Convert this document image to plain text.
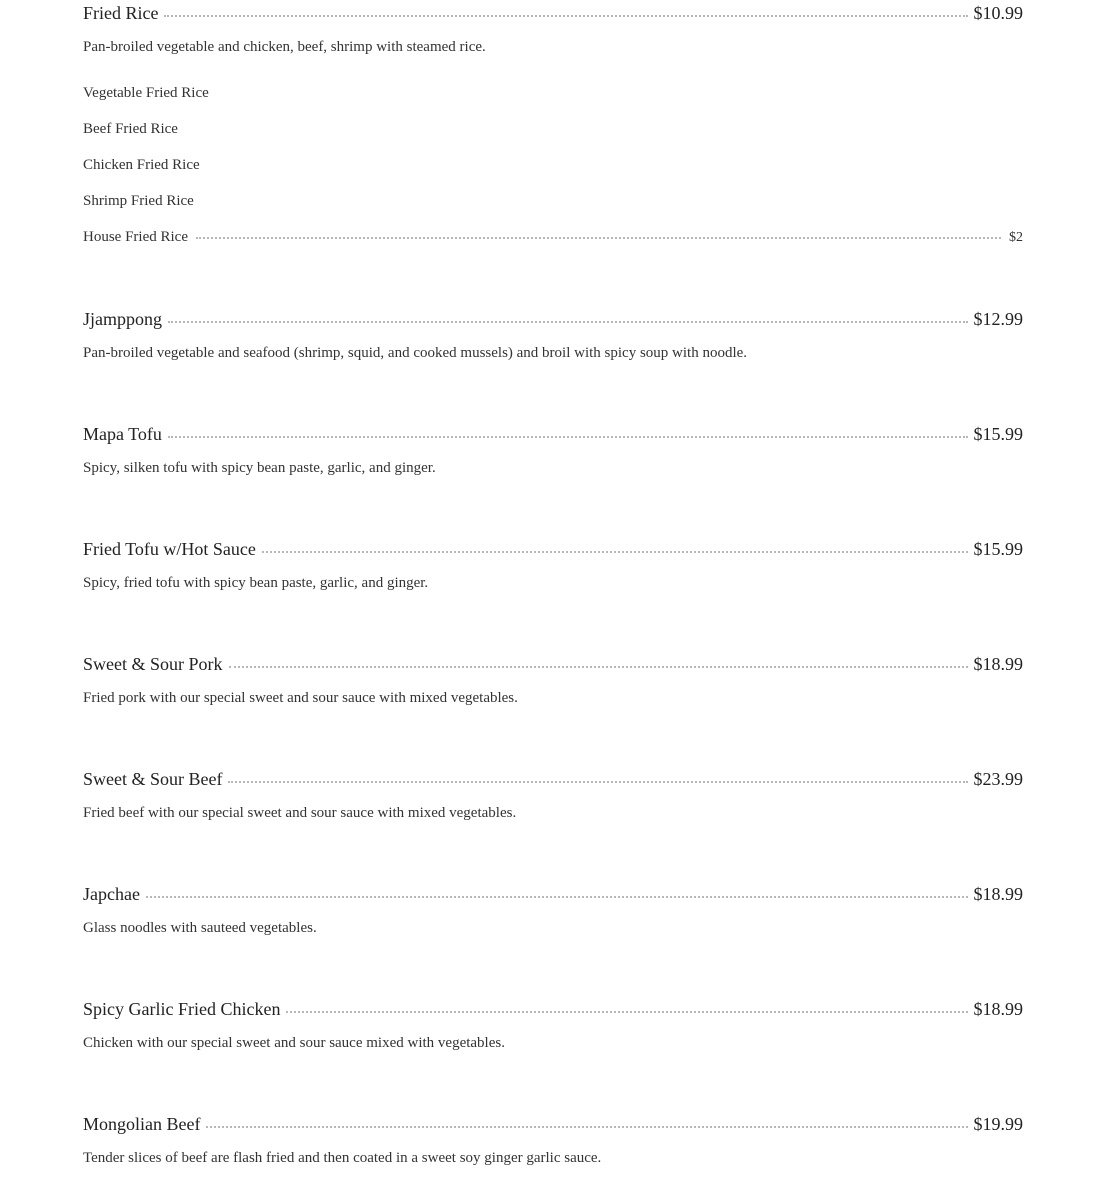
Fried Rice	$10.99
Pan-broiled vegetable and chicken, beef, shrimp with steamed rice.
Vegetable Fried Rice
Beef Fried Rice
Chicken Fried Rice
Shrimp Fried Rice
House Fried Rice	$2
Jjamppong	$12.99
Pan-broiled vegetable and seafood (shrimp, squid, and cooked mussels) and broil with spicy soup with noodle.
Mapa Tofu	$15.99
Spicy, silken tofu with spicy bean paste, garlic, and ginger.
Fried Tofu w/Hot Sauce	$15.99
Spicy, fried tofu with spicy bean paste, garlic, and ginger.
Sweet & Sour Pork	$18.99
Fried pork with our special sweet and sour sauce with mixed vegetables.
Sweet & Sour Beef	$23.99
Fried beef with our special sweet and sour sauce with mixed vegetables.
Japchae	$18.99
Glass noodles with sauteed vegetables.
Spicy Garlic Fried Chicken	$18.99
Chicken with our special sweet and sour sauce mixed with vegetables.
Mongolian Beef	$19.99
Tender slices of beef are flash fried and then coated in a sweet soy ginger garlic sauce.
